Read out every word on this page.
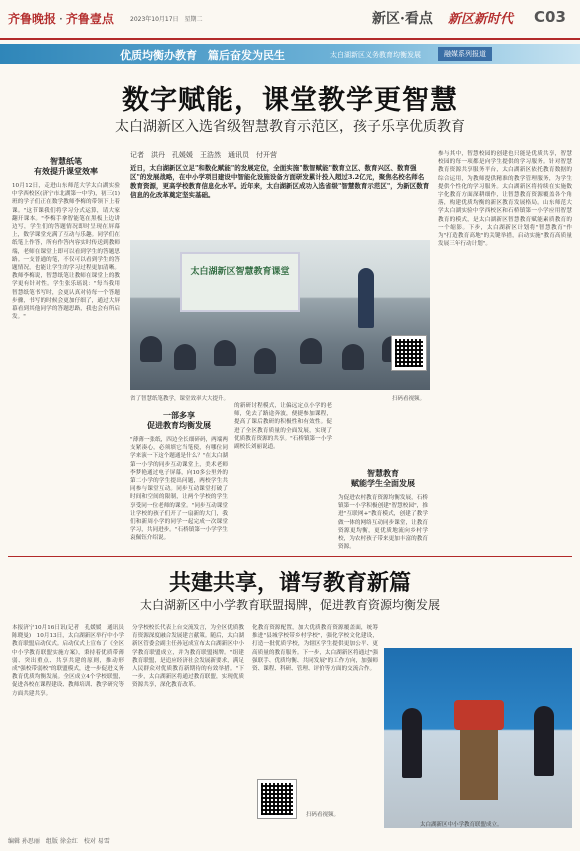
齐鲁晚报 · 齐鲁壹点	2023年10月17日　星期二	新区·看点 新区新时代 C03
优质均衡办教育　篇后奋发为民生	太白湖新区义务教育均衡发展	融媒系列报道
数字赋能，课堂教学更智慧
太白湖新区入选省级智慧教育示范区，孩子乐享优质教育
记者　洪丹　孔媛媛　王浩然　通讯员　付开营
近日，太白湖新区立足"和数化赋能"的发展定位，全面实施"数智赋能"数育立区、数育兴区、数育强区"的发展战略，在中小学项目建设中智能化设施设备方面研发累计投入超过3.2亿元，聚焦名校名师名教育资源，更高学校教育信息化水平。近年来，太白湖新区成功入选省级"智慧数育示范区"，为新区数育信息的化改革奠定坚实基础。
智慧纸笔
有效提升课堂效率
10月12日，走进山东师范大学太白湖实验中学西校区(济宁市北湖第一中学)，初三(1)班的学子们正在数学教师李梅的带领下上着课。"这节课我们将学习分式运算，请大家翻开课本。"李梅手拿智能笔在黑板上边讲边写，学生们的答题情况即时呈现在屏幕上，数学课堂充满了互动与乐趣。同学们在纸笔上作答，所有作答内容实时传送到教师端，老师在课堂上即可以看到学生的答题思路。一支普通的笔，不仅可以看到学生的答题情况，也能让学生的学习过程更加清晰。教师李梅说，智慧纸笔让教师在课堂上的教学更有针对性。学生张乐瑶说："每当我用智慧纸笔书写时，会更认真对待每一个答题步骤，书写的时候会更加仔细了，通过大屏幕看到其他同学的答题思路，我也会有所启发。"
太白湖新区智慧教育课堂
省了智慧纸笔教学，课堂效率大大提升。	扫码看视频。
一部多享
促进教育均衡发展
"薄薄一张纸，四边全长细碎码，两端两支紧凑心，必须填它当笔使，有哪位同学来演一下这个题通是什么？"在太白湖第一小学的同步互动课堂上，美术老师李梦艳通过电子屏幕，向10多公里外的第二小学的学生提出问题，两校学生共同参与课堂互动。同步互动课堂打破了时间和空间的限制，让两个学校的学生享受同一位老师的课堂。"同步互动课堂让学校的孩子们开了一扇新的大门，我们和新周小学的同学一起完成一次课堂学习，共同进步。"石桥镇第一小学学生袁佩钰介绍说。
的新研讨程模式，让偏远定点小学的老师，免去了路途奔波，便捷参加课程，提高了课后教研的积极性和有效性。促进了全区教育质量的全面发展，实现了优质教育资源的共享。"石桥镇第一小学副校长刘丽说道。
智慧教育
赋能学生全面发展
为促进农村教育资源均衡发展，石桥镇第一小学积极创建"智慧校园"，推进"互联网+"教育模式，创建了教学做一体的网络互动同步课堂，让教育资源更均衡，更优质地流向乡村学校，为农村孩子带来更加丰富的教育资源。
参与其中，智慧校园的创建也只能是优质共享，智慧校园的每一项都是向学生提供的学习服务。针对智慧教育资源共享服务平台，太白湖新区依托教育数据的综合运用，为教师提供精准的教学管理服务，为学生提供个性化的学习服务。太白湖新区将持续在实施数字化教育方面深耕细作，让智慧教育资源覆盖各个角落，构建优质均衡的新区教育发展格局。山东师范大学太白湖实验中学西校区和石桥镇第一小学应用智慧教育的模式，是太白湖新区智慧教育赋能素质教育的一个缩影。下步，太白湖新区计划将"智慧教育"作为"打造教育高地"的关键举措，启动实施"教育高质量发展三年行动计划"。
共建共享，谱写教育新篇
太白湖新区中小学教育联盟揭牌，促进教育资源均衡发展
本报济宁10月16日讯(记者　孔媛媛　通讯员　陈晓曼)　10月13日，太白湖新区举行中小学教育联盟启动仪式。启动仪式上宣布了《全区中小学教育联盟实施方案》，秉持着优质带薄弱、突出重点、共享共建的原则，推动形成"强校带弱校"的联盟模式，进一步促进义务教育优质均衡发展。全区成立4个学校联盟，促进各校在课程建设、教师培训、教学研究等方面共建共享。
分学校校长代表上台交流发言，为全区优质教育资源深度融合发展建言献策。随后，太白湖新区管委会副主任孙冠成宣布太白湖新区中小学教育联盟成立，并为教育联盟揭牌。"组建教育联盟，是追应经济社会发展新要求，满足人民群众对优质教育新期待的有效举措。"下一步，太白湖新区将通过教育联盟，实现优质资源共享，深化教育改革。
化教育资源配置，加大优质教育资源覆盖面，统筹推进"县城学校带乡村学校"，强化学校文化建设，打造一批优质学校，为辖区学生提供更加公平、更高质量的教育服务。下一步，太白湖新区将通过"强强联手、优质均衡、共同发展"的工作方向，加强师资、课程、科研、管理、评价等方面的交流合作。
扫码看视频。
太白湖新区中小学教育联盟成立。
编辑 孙思丽　组版 徐金红　校对 易雪
